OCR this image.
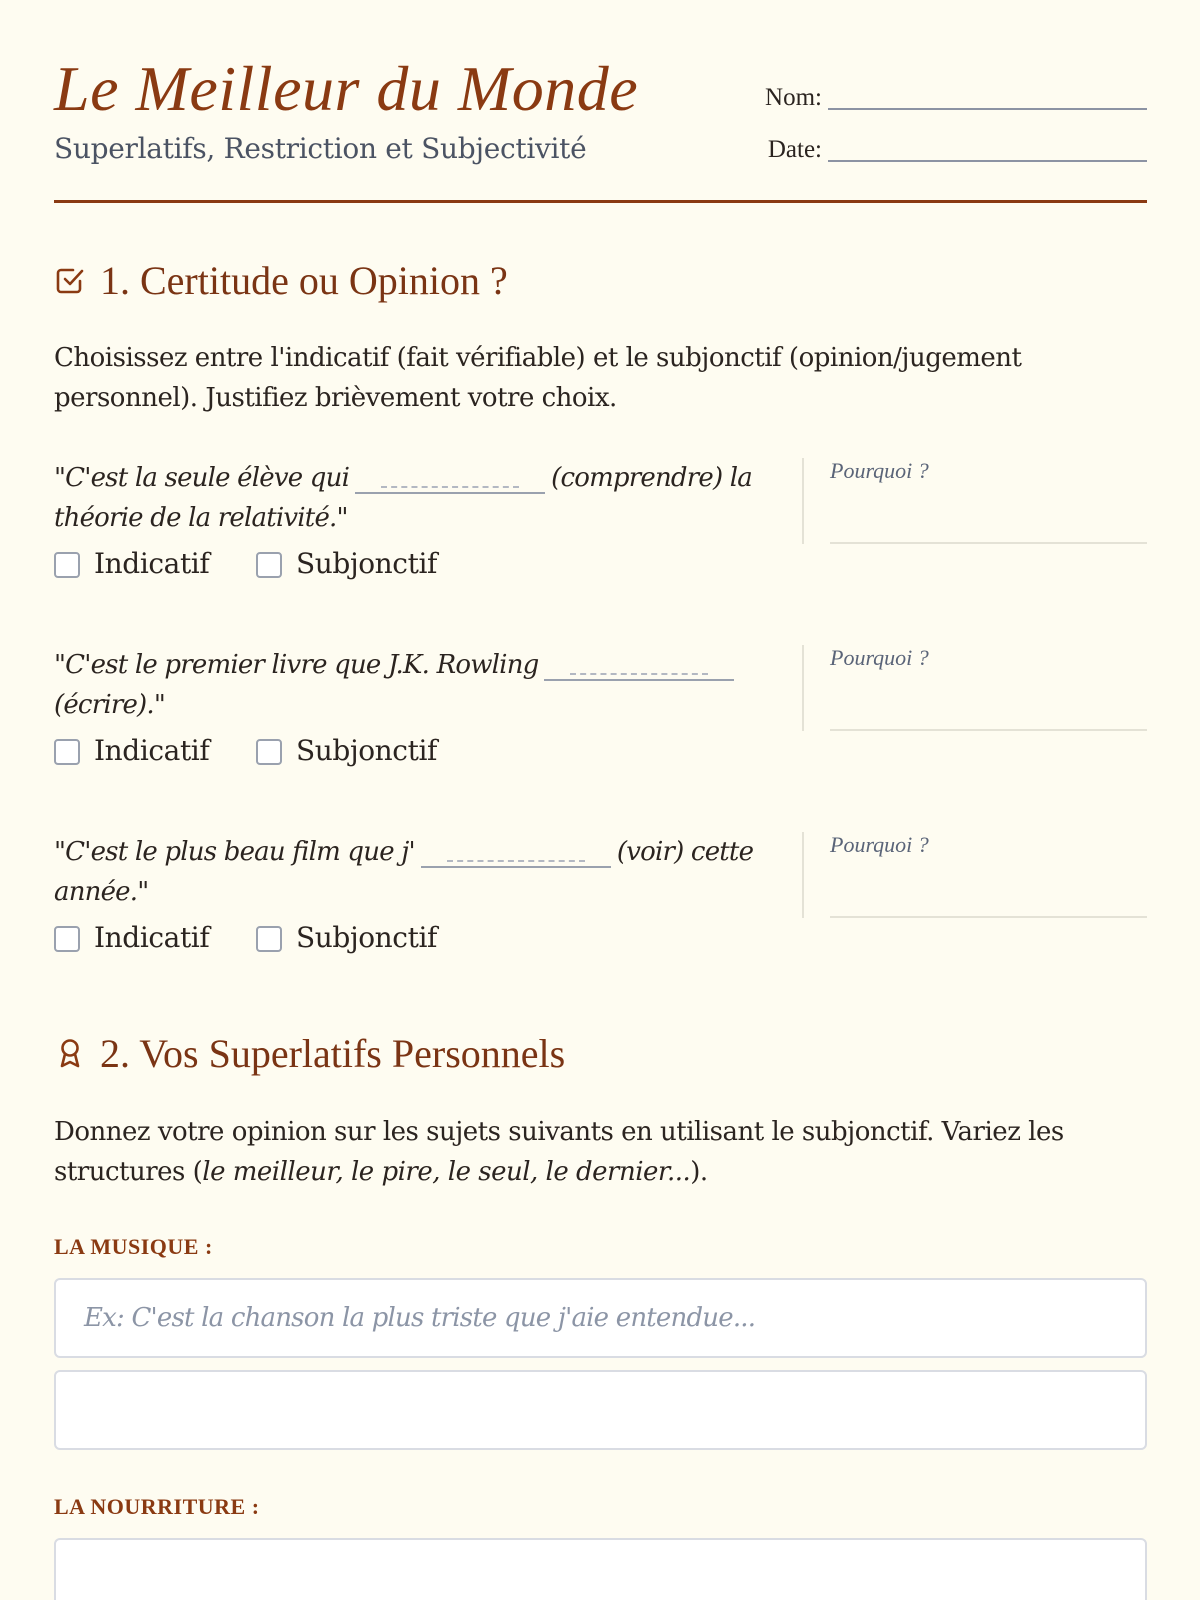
Le Meilleur du Monde
Superlatifs, Restriction et Subjectivité
Nom:
Date:
1. Certitude ou Opinion ?
Choisissez entre l'indicatif (fait vérifiable) et le subjonctif (opinion/jugement personnel). Justifiez brièvement votre choix.
"C'est la seule élève qui	(comprendre) la théorie de la relativité."
Indicatif	Subjonctif
Pourquoi ?
"C'est le premier livre que J.K. Rowling (écrire)."
Indicatif	Subjonctif
Pourquoi ?
"C'est le plus beau film que j'	(voir) cette année."
Indicatif	Subjonctif
Pourquoi ?
2. Vos Superlatifs Personnels
Donnez votre opinion sur les sujets suivants en utilisant le subjonctif. Variez les structures (le meilleur, le pire, le seul, le dernier...).
LA MUSIQUE :
Ex: C'est la chanson la plus triste que j'aie entendue...
LA NOURRITURE :
